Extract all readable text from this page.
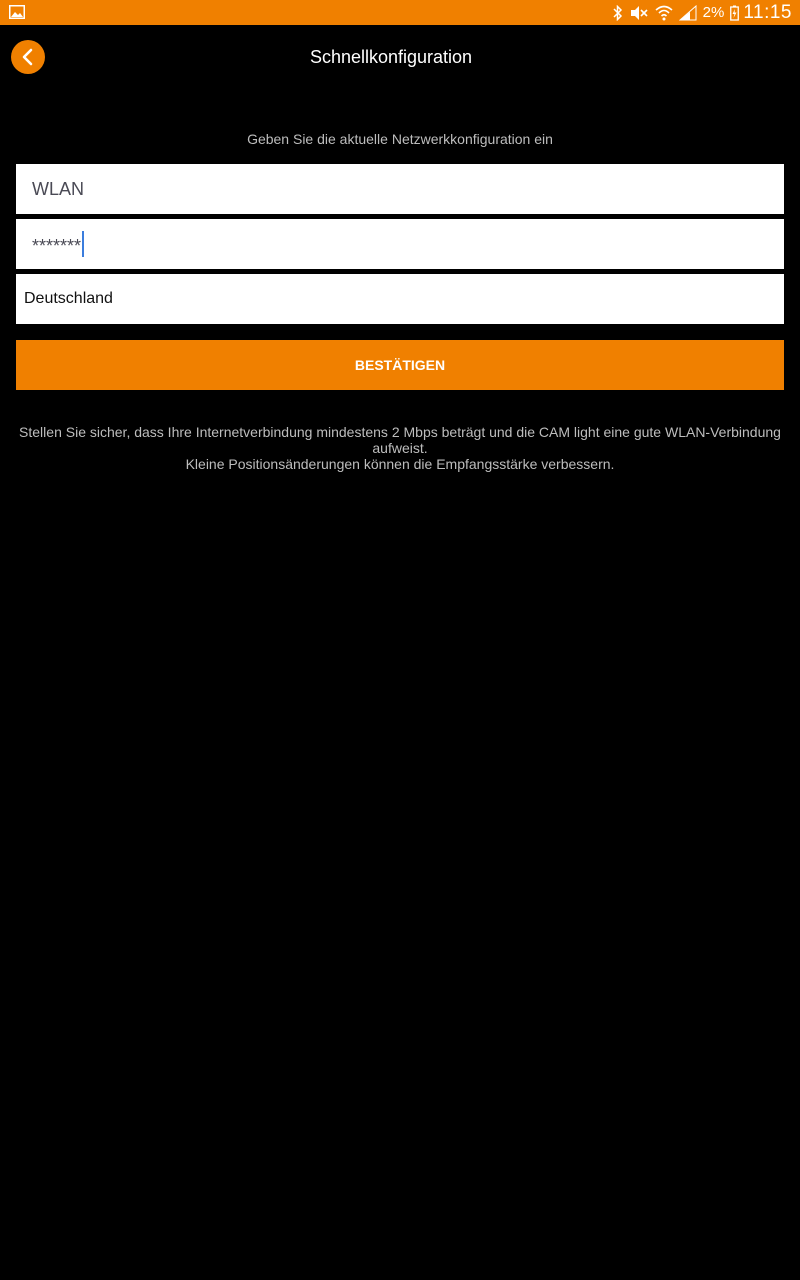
2% 11:15
Schnellkonfiguration
Geben Sie die aktuelle Netzwerkkonfiguration ein
WLAN
*******
Deutschland
BESTÄTIGEN

Stellen Sie sicher, dass Ihre Internetverbindung mindestens 2 Mbps beträgt und die CAM light eine gute WLAN-Verbindung aufweist.

Kleine Positionsänderungen können die Empfangsstärke verbessern.
